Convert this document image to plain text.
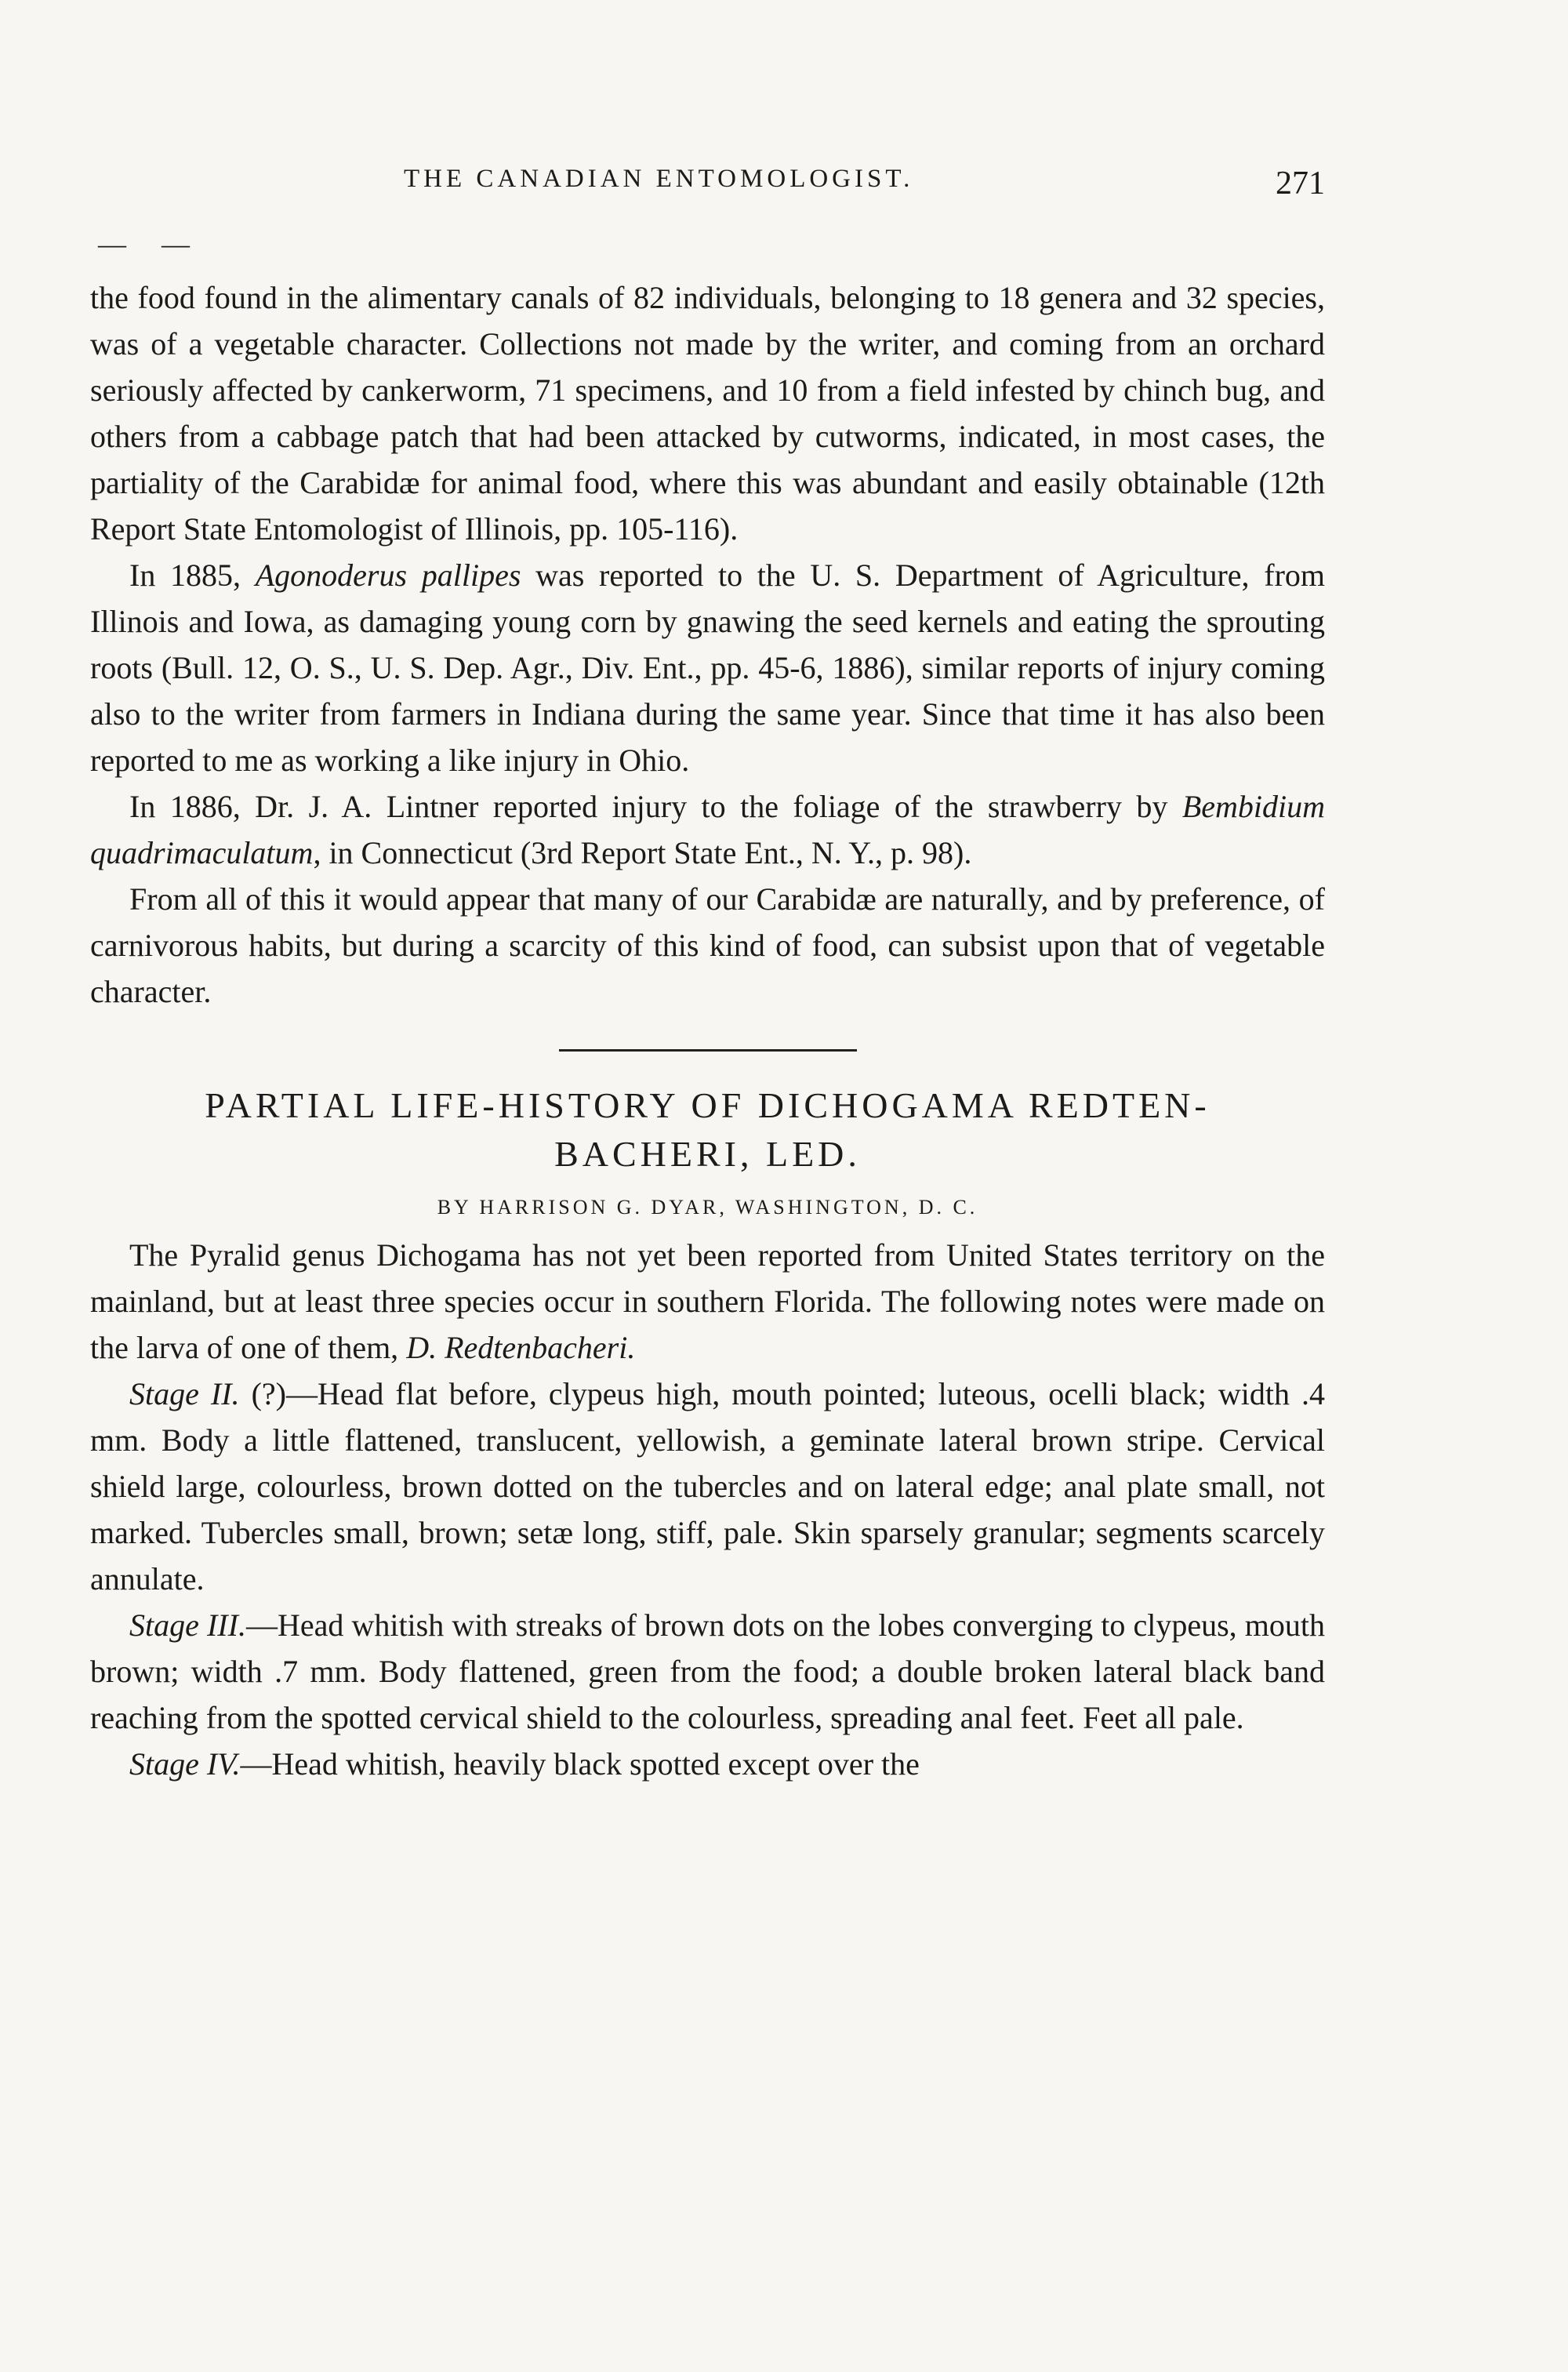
THE CANADIAN ENTOMOLOGIST.	271
— —

the food found in the alimentary canals of 82 individuals, belonging to 18 genera and 32 species, was of a vegetable character. Collections not made by the writer, and coming from an orchard seriously affected by cankerworm, 71 specimens, and 10 from a field infested by chinch bug, and others from a cabbage patch that had been attacked by cutworms, indicated, in most cases, the partiality of the Carabidæ for animal food, where this was abundant and easily obtainable (12th Report State Entomologist of Illinois, pp. 105-116).

In 1885, Agonoderus pallipes was reported to the U. S. Department of Agriculture, from Illinois and Iowa, as damaging young corn by gnawing the seed kernels and eating the sprouting roots (Bull. 12, O. S., U. S. Dep. Agr., Div. Ent., pp. 45-6, 1886), similar reports of injury coming also to the writer from farmers in Indiana during the same year. Since that time it has also been reported to me as working a like injury in Ohio.

In 1886, Dr. J. A. Lintner reported injury to the foliage of the strawberry by Bembidium quadrimaculatum, in Connecticut (3rd Report State Ent., N. Y., p. 98).

From all of this it would appear that many of our Carabidæ are naturally, and by preference, of carnivorous habits, but during a scarcity of this kind of food, can subsist upon that of vegetable character.

PARTIAL LIFE-HISTORY OF DICHOGAMA REDTEN-
BACHERI, LED.

BY HARRISON G. DYAR, WASHINGTON, D. C.

The Pyralid genus Dichogama has not yet been reported from United States territory on the mainland, but at least three species occur in southern Florida. The following notes were made on the larva of one of them, D. Redtenbacheri.

Stage II. (?)—Head flat before, clypeus high, mouth pointed; luteous, ocelli black; width .4 mm. Body a little flattened, translucent, yellowish, a geminate lateral brown stripe. Cervical shield large, colourless, brown dotted on the tubercles and on lateral edge; anal plate small, not marked. Tubercles small, brown; setæ long, stiff, pale. Skin sparsely granular; segments scarcely annulate.

Stage III.—Head whitish with streaks of brown dots on the lobes converging to clypeus, mouth brown; width .7 mm. Body flattened, green from the food; a double broken lateral black band reaching from the spotted cervical shield to the colourless, spreading anal feet. Feet all pale.

Stage IV.—Head whitish, heavily black spotted except over the
